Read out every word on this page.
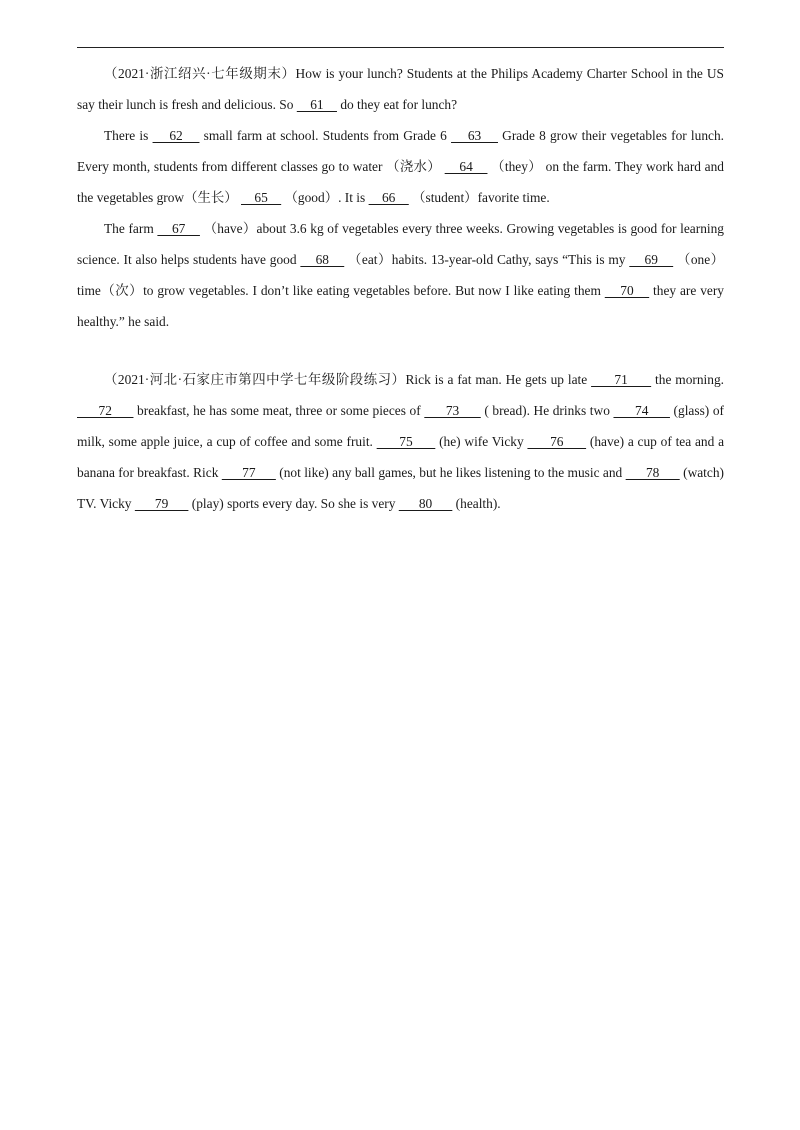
（2021·浙江绍兴·七年级期末）How is your lunch? Students at the Philips Academy Charter School in the US say their lunch is fresh and delicious. So     61     do they eat for lunch?

There is     62     small farm at school. Students from Grade 6     63     Grade 8 grow their vegetables for lunch. Every month, students from different classes go to water （浇水）     64     （they） on the farm. They work hard and the vegetables grow（生长）     65     （good）. It is     66     （student）favorite time.

The farm     67     （have）about 3.6 kg of vegetables every three weeks. Growing vegetables is good for learning science. It also helps students have good     68     （eat）habits. 13-year-old Cathy, says “This is my     69     （one）time（次）to grow vegetables. I don’t like eating vegetables before. But now I like eating them     70     they are very healthy.” he said.

（2021·河北·石家庄市第四中学七年级阶段练习）Rick is a fat man. He gets up late       71       the morning.       72       breakfast, he has some meat, three or some pieces of       73       ( bread). He drinks two       74       (glass) of milk, some apple juice, a cup of coffee and some fruit.       75       (he) wife Vicky       76       (have) a cup of tea and a banana for breakfast. Rick       77       (not like) any ball games, but he likes listening to the music and       78       (watch) TV. Vicky       79       (play) sports every day. So she is very       80       (health).
